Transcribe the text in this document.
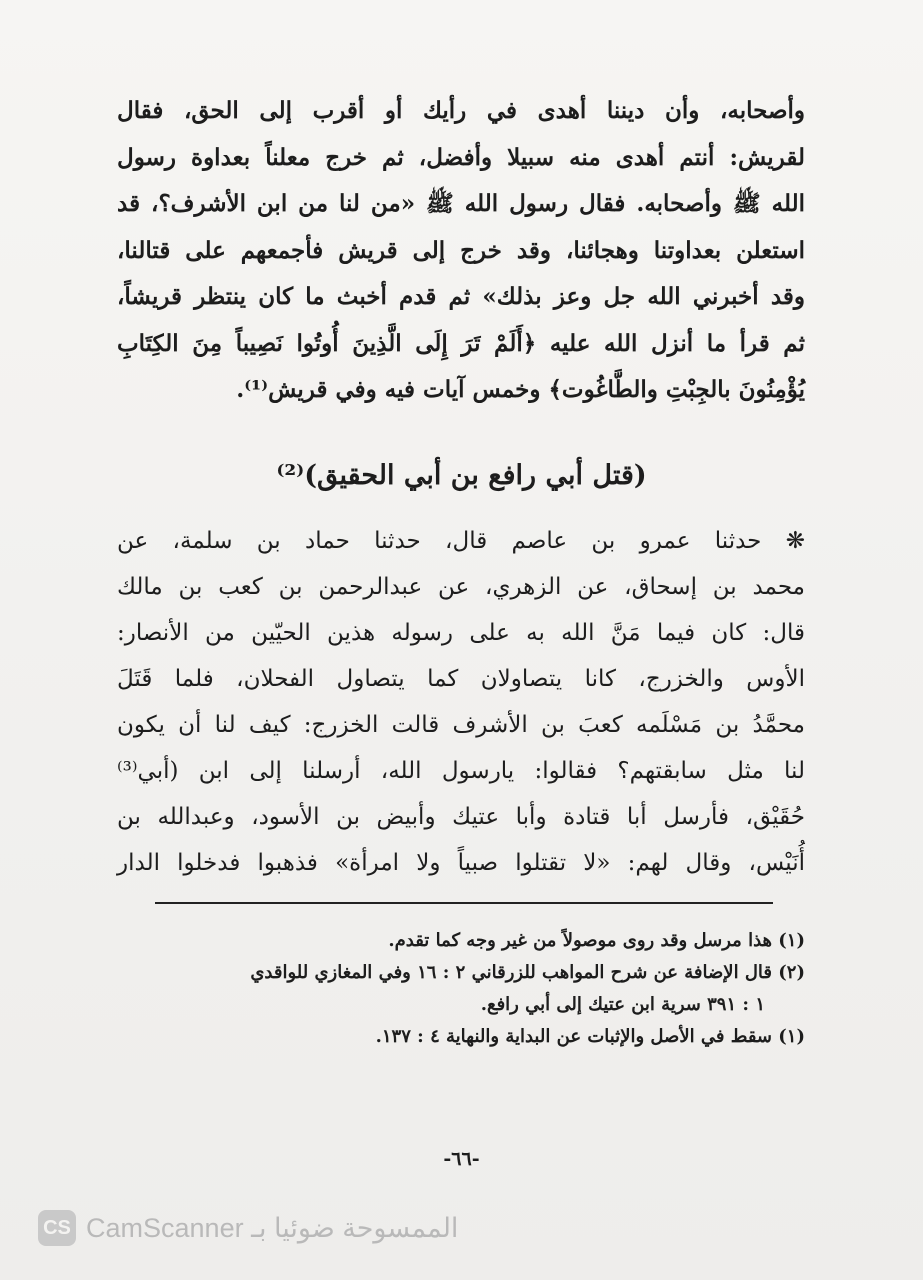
وأصحابه، وأن ديننا أهدى في رأيك أو أقرب إلى الحق، فقال
لقريش: أنتم أهدى منه سبيلا وأفضل، ثم خرج معلناً بعداوة رسول
الله ﷺ وأصحابه. فقال رسول الله ﷺ «من لنا من ابن الأشرف؟، قد
استعلن بعداوتنا وهجائنا، وقد خرج إلى قريش فأجمعهم على قتالنا،
وقد أخبرني الله جل وعز بذلك» ثم قدم أخبث ما كان ينتظر قريشاً،
ثم قرأ ما أنزل الله عليه ﴿أَلَمْ تَرَ إِلَى الَّذِينَ أُوتُوا نَصِيباً مِنَ الكِتَابِ
يُؤْمِنُونَ بالجِبْتِ والطَّاغُوت﴾ وخمس آيات فيه وفي قريش⁽¹⁾.
(قتل أبي رافع بن أبي الحقيق)⁽²⁾
❋ حدثنا عمرو بن عاصم قال، حدثنا حماد بن سلمة، عن
محمد بن إسحاق، عن الزهري، عن عبدالرحمن بن كعب بن مالك
قال: كان فيما مَنَّ الله به على رسوله هذين الحيّين من الأنصار:
الأوس والخزرج، كانا يتصاولان كما يتصاول الفحلان، فلما قَتَلَ
محمَّدُ بن مَسْلَمه كعبَ بن الأشرف قالت الخزرج: كيف لنا أن يكون
لنا مثل سابقتهم؟ فقالوا: يارسول الله، أرسلنا إلى ابن (أبي⁽³⁾
حُقَيْق، فأرسل أبا قتادة وأبا عتيك وأبيض بن الأسود، وعبدالله بن
أُنَيْس، وقال لهم: «لا تقتلوا صبياً ولا امرأة» فذهبوا فدخلوا الدار
(١) هذا مرسل وقد روى موصولاً من غير وجه كما تقدم.
(٢) قال الإضافة عن شرح المواهب للزرقاني ٢ : ١٦ وفي المغازي للواقدي
١ : ٣٩١ سرية ابن عتيك إلى أبي رافع.
(١) سقط في الأصل والإثبات عن البداية والنهاية ٤ : ١٣٧.
-٦٦-
CS الممسوحة ضوئيا بـ CamScanner
